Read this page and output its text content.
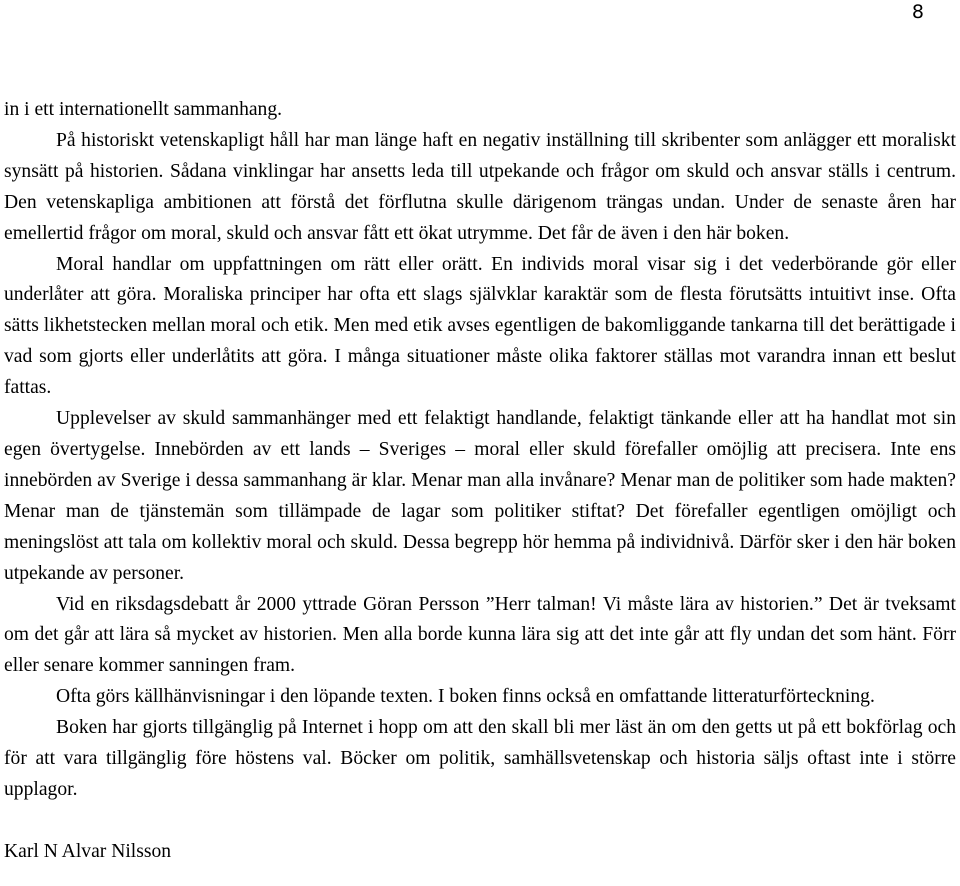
8

in i ett internationellt sammanhang.

På historiskt vetenskapligt håll har man länge haft en negativ inställning till skribenter som anlägger ett moraliskt synsätt på historien. Sådana vinklingar har ansetts leda till utpekande och frågor om skuld och ansvar ställs i centrum. Den vetenskapliga ambitionen att förstå det förflutna skulle därigenom trängas undan. Under de senaste åren har emellertid frågor om moral, skuld och ansvar fått ett ökat utrymme. Det får de även i den här boken.

Moral handlar om uppfattningen om rätt eller orätt. En individs moral visar sig i det vederbörande gör eller underlåter att göra. Moraliska principer har ofta ett slags självklar karaktär som de flesta förutsätts intuitivt inse. Ofta sätts likhetstecken mellan moral och etik. Men med etik avses egentligen de bakomliggande tankarna till det berättigade i vad som gjorts eller underlåtits att göra. I många situationer måste olika faktorer ställas mot varandra innan ett beslut fattas.

Upplevelser av skuld sammanhänger med ett felaktigt handlande, felaktigt tänkande eller att ha handlat mot sin egen övertygelse. Innebörden av ett lands – Sveriges – moral eller skuld förefaller omöjlig att precisera. Inte ens innebörden av Sverige i dessa sammanhang är klar. Menar man alla invånare? Menar man de politiker som hade makten? Menar man de tjänstemän som tillämpade de lagar som politiker stiftat? Det förefaller egentligen omöjligt och meningslöst att tala om kollektiv moral och skuld. Dessa begrepp hör hemma på individnivå. Därför sker i den här boken utpekande av personer.

Vid en riksdagsdebatt år 2000 yttrade Göran Persson ”Herr talman! Vi måste lära av historien.” Det är tveksamt om det går att lära så mycket av historien. Men alla borde kunna lära sig att det inte går att fly undan det som hänt. Förr eller senare kommer sanningen fram.

Ofta görs källhänvisningar i den löpande texten. I boken finns också en omfattande litteraturförteckning.

Boken har gjorts tillgänglig på Internet i hopp om att den skall bli mer läst än om den getts ut på ett bokförlag och för att vara tillgänglig före höstens val. Böcker om politik, samhällsvetenskap och historia säljs oftast inte i större upplagor.

Karl N Alvar Nilsson
